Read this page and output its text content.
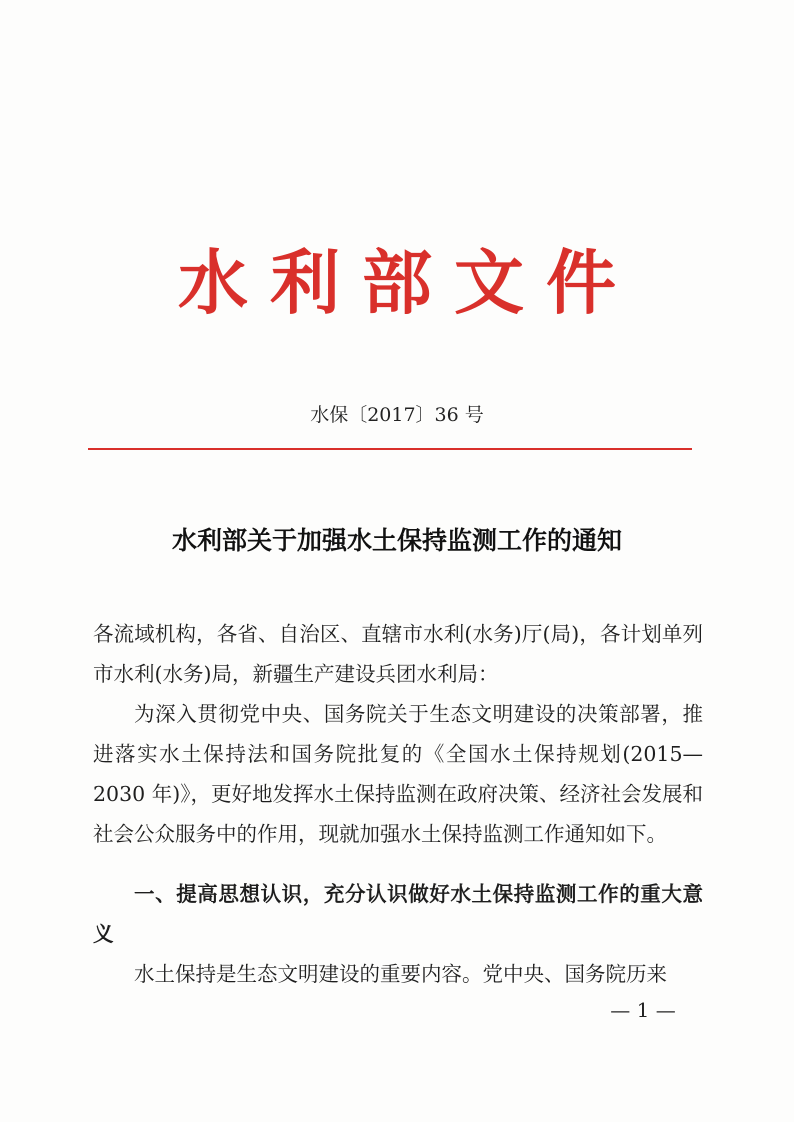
水利部文件
水保〔2017〕36 号
水利部关于加强水土保持监测工作的通知
各流域机构，各省、自治区、直辖市水利(水务)厅(局)，各计划单列市水利(水务)局，新疆生产建设兵团水利局：
为深入贯彻党中央、国务院关于生态文明建设的决策部署，推进落实水土保持法和国务院批复的《全国水土保持规划(2015—2030 年)》，更好地发挥水土保持监测在政府决策、经济社会发展和社会公众服务中的作用，现就加强水土保持监测工作通知如下。
一、提高思想认识，充分认识做好水土保持监测工作的重大意义
水土保持是生态文明建设的重要内容。党中央、国务院历来
— 1 —
